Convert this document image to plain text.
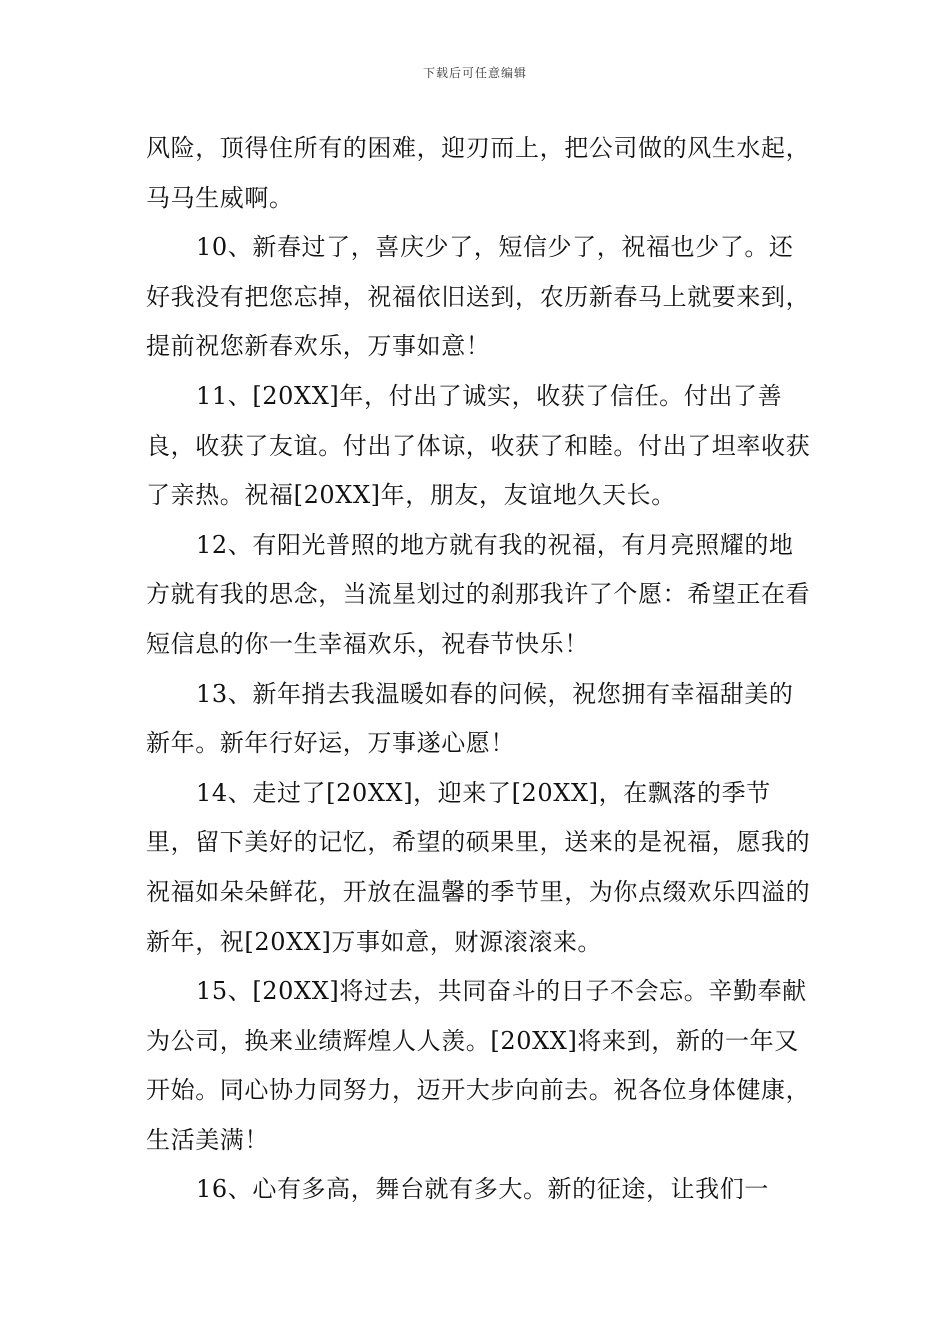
下载后可任意编辑

风险，顶得住所有的困难，迎刃而上，把公司做的风生水起，马马生威啊。

10、新春过了，喜庆少了，短信少了，祝福也少了。还好我没有把您忘掉，祝福依旧送到，农历新春马上就要来到，提前祝您新春欢乐，万事如意！

11、[20XX]年，付出了诚实，收获了信任。付出了善良，收获了友谊。付出了体谅，收获了和睦。付出了坦率收获了亲热。祝福[20XX]年，朋友，友谊地久天长。

12、有阳光普照的地方就有我的祝福，有月亮照耀的地方就有我的思念，当流星划过的刹那我许了个愿：希望正在看短信息的你一生幸福欢乐，祝春节快乐！

13、新年捎去我温暖如春的问候，祝您拥有幸福甜美的新年。新年行好运，万事遂心愿！

14、走过了[20XX]，迎来了[20XX]，在飘落的季节里，留下美好的记忆，希望的硕果里，送来的是祝福，愿我的祝福如朵朵鲜花，开放在温馨的季节里，为你点缀欢乐四溢的新年，祝[20XX]万事如意，财源滚滚来。

15、[20XX]将过去，共同奋斗的日子不会忘。辛勤奉献为公司，换来业绩辉煌人人羡。[20XX]将来到，新的一年又开始。同心协力同努力，迈开大步向前去。祝各位身体健康，生活美满！

16、心有多高，舞台就有多大。新的征途，让我们一
